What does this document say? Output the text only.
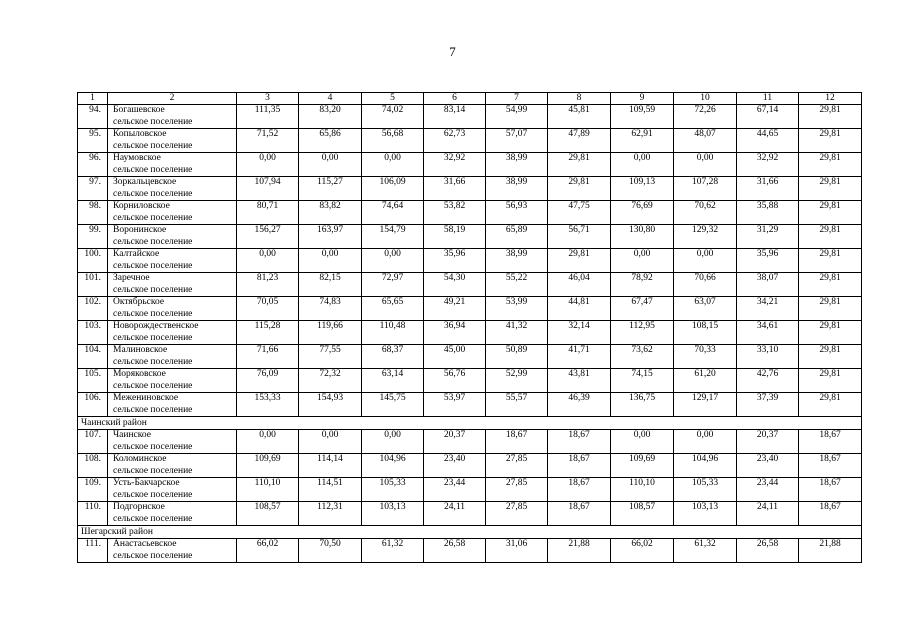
7
1	2	3	4	5	6	7	8	9	10	11	12
94.	Богашевское
сельское поселение	111,35	83,20	74,02	83,14	54,99	45,81	109,59	72,26	67,14	29,81
95.	Копыловское
сельское поселение	71,52	65,86	56,68	62,73	57,07	47,89	62,91	48,07	44,65	29,81
96.	Наумовское
сельское поселение	0,00	0,00	0,00	32,92	38,99	29,81	0,00	0,00	32,92	29,81
97.	Зоркальцевское
сельское поселение	107,94	115,27	106,09	31,66	38,99	29,81	109,13	107,28	31,66	29,81
98.	Корниловское
сельское поселение	80,71	83,82	74,64	53,82	56,93	47,75	76,69	70,62	35,88	29,81
99.	Воронинское
сельское поселение	156,27	163,97	154,79	58,19	65,89	56,71	130,80	129,32	31,29	29,81
100.	Калтайское
сельское поселение	0,00	0,00	0,00	35,96	38,99	29,81	0,00	0,00	35,96	29,81
101.	Заречное
сельское поселение	81,23	82,15	72,97	54,30	55,22	46,04	78,92	70,66	38,07	29,81
102.	Октябрьское
сельское поселение	70,05	74,83	65,65	49,21	53,99	44,81	67,47	63,07	34,21	29,81
103.	Новорождественское
сельское поселение	115,28	119,66	110,48	36,94	41,32	32,14	112,95	108,15	34,61	29,81
104.	Малиновское
сельское поселение	71,66	77,55	68,37	45,00	50,89	41,71	73,62	70,33	33,10	29,81
105.	Моряковское
сельское поселение	76,09	72,32	63,14	56,76	52,99	43,81	74,15	61,20	42,76	29,81
106.	Межениновское
сельское поселение	153,33	154,93	145,75	53,97	55,57	46,39	136,75	129,17	37,39	29,81
Чаинский район											
107.	Чаинское
сельское поселение	0,00	0,00	0,00	20,37	18,67	18,67	0,00	0,00	20,37	18,67
108.	Коломинское
сельское поселение	109,69	114,14	104,96	23,40	27,85	18,67	109,69	104,96	23,40	18,67
109.	Усть-Бакчарское
сельское поселение	110,10	114,51	105,33	23,44	27,85	18,67	110,10	105,33	23,44	18,67
110.	Подгорнское
сельское поселение	108,57	112,31	103,13	24,11	27,85	18,67	108,57	103,13	24,11	18,67
Шегарский район											
111.	Анастасьевское
сельское поселение	66,02	70,50	61,32	26,58	31,06	21,88	66,02	61,32	26,58	21,88
